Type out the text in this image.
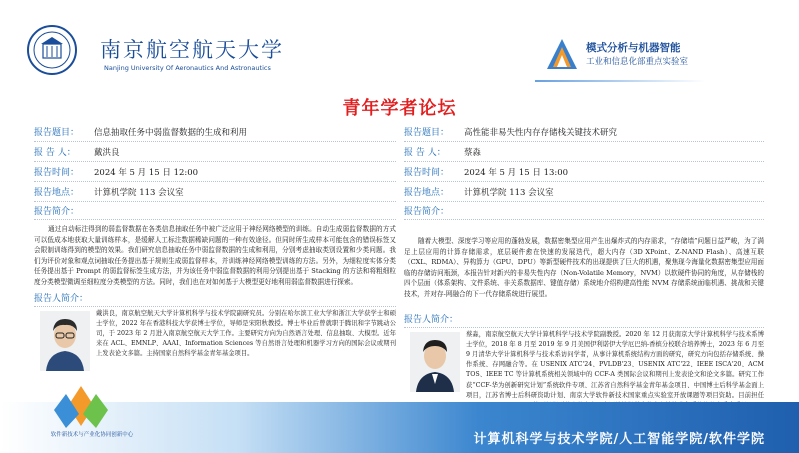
南京航空航天大学
Nanjing University Of Aeronautics And Astronautics
模式分析与机器智能
工业和信息化部重点实验室
青年学者论坛
报告题目：	信息抽取任务中弱监督数据的生成和利用
报 告 人：	戴洪良
报告时间：	2024 年 5 月 15 日 12:00
报告地点：	计算机学院 113 会议室
报告简介：
通过自动标注得到的弱监督数据在各类信息抽取任务中被广泛应用于神经网络模型的训练。自动生成弱监督数据的方式可以低成本地获取大量训练样本，是缓解人工标注数据稀缺问题的一种有效途径。但同时所生成样本可能包含的错误标签又会限制训练得到的模型的效果。我们研究信息抽取任务中弱监督数据的生成和利用，分别考虑抽取类别设置和少类问题。我们为评价对象和观点词抽取任务提出基于规则生成弱监督样本，并训练神经网络模型训练的方法。另外，为细粒度实体分类任务提出基于 Prompt 的弱监督标签生成方法，并为该任务中弱监督数据的利用分别提出基于 Stacking 的方法和将粗细粒度分类模型微调至细粒度分类模型的方法。同时，我们也在对如何基于大模型更好地利用弱监督数据进行探索。
报告人简介：
戴洪良，南京航空航天大学计算机科学与技术学院副研究员。分别在哈尔滨工业大学和浙江大学获学士和硕士学位，2022 年在香港科技大学获博士学位，导师是宋阳秋教授。博士毕业后曾就职于腾讯和字节跳动公司，于 2023 年 2 月进入南京航空航天大学工作。主要研究方向为自然语言处理、信息抽取、大模型。近年来在 ACL、EMNLP、AAAI、Information Sciences 等自然语言处理和机器学习方向的国际会议或期刊上发表论文多篇。主持国家自然科学基金青年基金项目。
报告题目：	高性能非易失性内存存储栈关键技术研究
报 告 人：	蔡淼
报告时间：	2024 年 5 月 15 日 13:00
报告地点：	计算机学院 113 会议室
报告简介：
随着大模型、深度学习等应用的蓬勃发展，数据密集型应用产生出爆炸式的内存需求，“存储墙”问题日益严峻，为了满足上层应用的计算存储需求，底层硬件愈在快速的发展迭代，超大内存（3D XPoint、Z-NAND Flash）、高速互联（CXL、RDMA）、异构算力（GPU、DPU）等新型硬件技术的出现提供了巨大的机遇，聚焦现今海量化数据密集型应用面临的存储访问瓶颈，本报告针对新兴的非易失性内存（Non-Volatile Memory，NVM）以软硬件协同的角度，从存储栈的四个层面（体系架构、文件系统、非关系数据库、键值存储）系统地介绍构建高性能 NVM 存储系统面临机遇、挑战和关键技术，并对存-网融合的下一代存储系统进行展望。
报告人简介：
蔡淼，南京航空航天大学计算机科学与技术学院副教授。2020 年 12 月获南京大学计算机科学与技术系博士学位，2018 年 8 月至 2019 年 9 月美国伊利诺伊大学厄巴纳-香槟分校联合培养博士，2023 年 6 月至 9 月清华大学计算机科学与技术系访问学者，从事计算机系统结构方面的研究，研究方向包括存储系统、操作系统、存网融合等。在 USENIX ATC'24、PVLDB'23、USENIX ATC'22、IEEE ISCA'20、ACM TOS、IEEE TC 等计算机系统相关领域中的 CCF-A 类国际会议和期刊上发表论文和论文多篇。研究工作获“CCF-华为创新研究计划”系统软件专项、江苏省自然科学基金青年基金项目、中国博士后科学基金面上项目，江苏省博士后科研资助计划、南京大学软件新技术国家重点实验室开放课题等项目资助。目前担任
软件新技术与产业化协同创新中心	计算机科学与技术学院/人工智能学院/软件学院
